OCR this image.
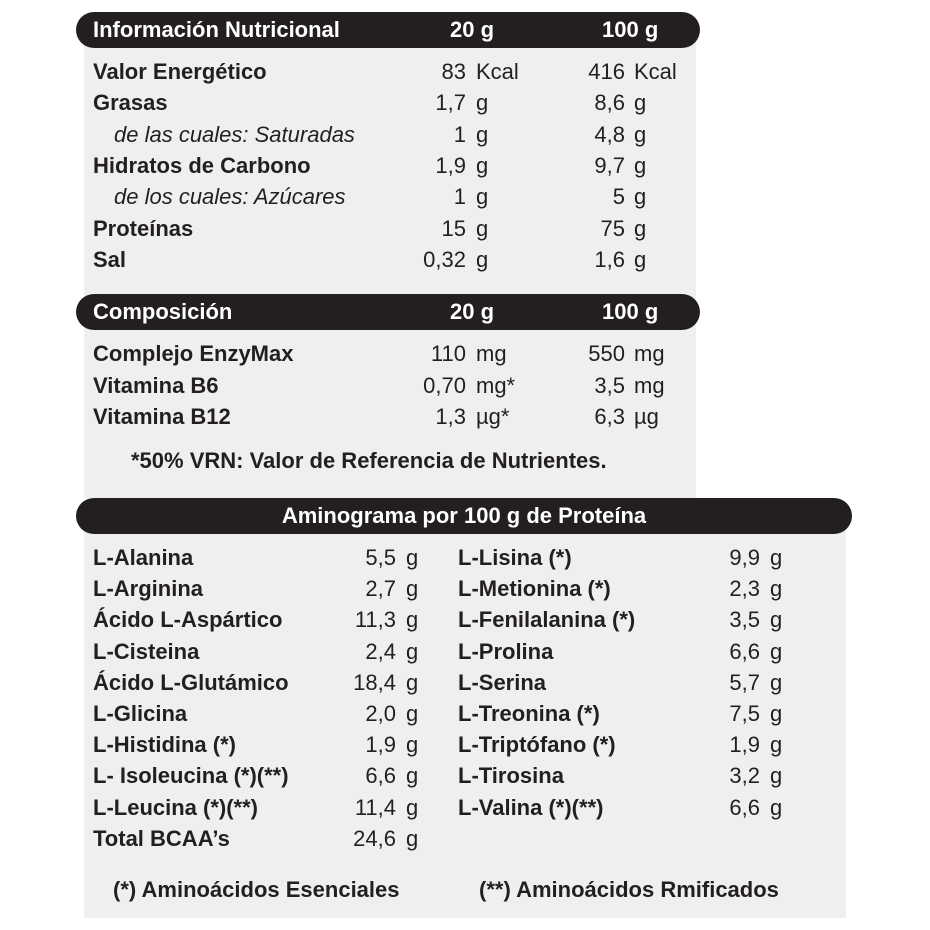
Información Nutricional	20 g	100 g
Valor Energético	83 Kcal	416 Kcal
Grasas	1,7 g	8,6 g
de las cuales: Saturadas	1 g	4,8 g
Hidratos de Carbono	1,9 g	9,7 g
de los cuales: Azúcares	1 g	5 g
Proteínas	15 g	75 g
Sal	0,32 g	1,6 g
Composición	20 g	100 g
Complejo EnzyMax	110 mg	550 mg
Vitamina B6	0,70 mg*	3,5 mg
Vitamina B12	1,3 µg*	6,3 µg
*50% VRN: Valor de Referencia de Nutrientes.
Aminograma por 100 g de Proteína
L-Alanina	5,5 g
L-Arginina	2,7 g
Ácido L-Aspártico	11,3 g
L-Cisteina	2,4 g
Ácido L-Glutámico	18,4 g
L-Glicina	2,0 g
L-Histidina (*)	1,9 g
L- Isoleucina (*)(**)	6,6 g
L-Leucina (*)(**)	11,4 g
Total BCAA’s	24,6 g
L-Lisina (*)	9,9 g
L-Metionina (*)	2,3 g
L-Fenilalanina (*)	3,5 g
L-Prolina	6,6 g
L-Serina	5,7 g
L-Treonina (*)	7,5 g
L-Triptófano (*)	1,9 g
L-Tirosina	3,2 g
L-Valina (*)(**)	6,6 g
(*) Aminoácidos Esenciales	(**) Aminoácidos Rmificados
